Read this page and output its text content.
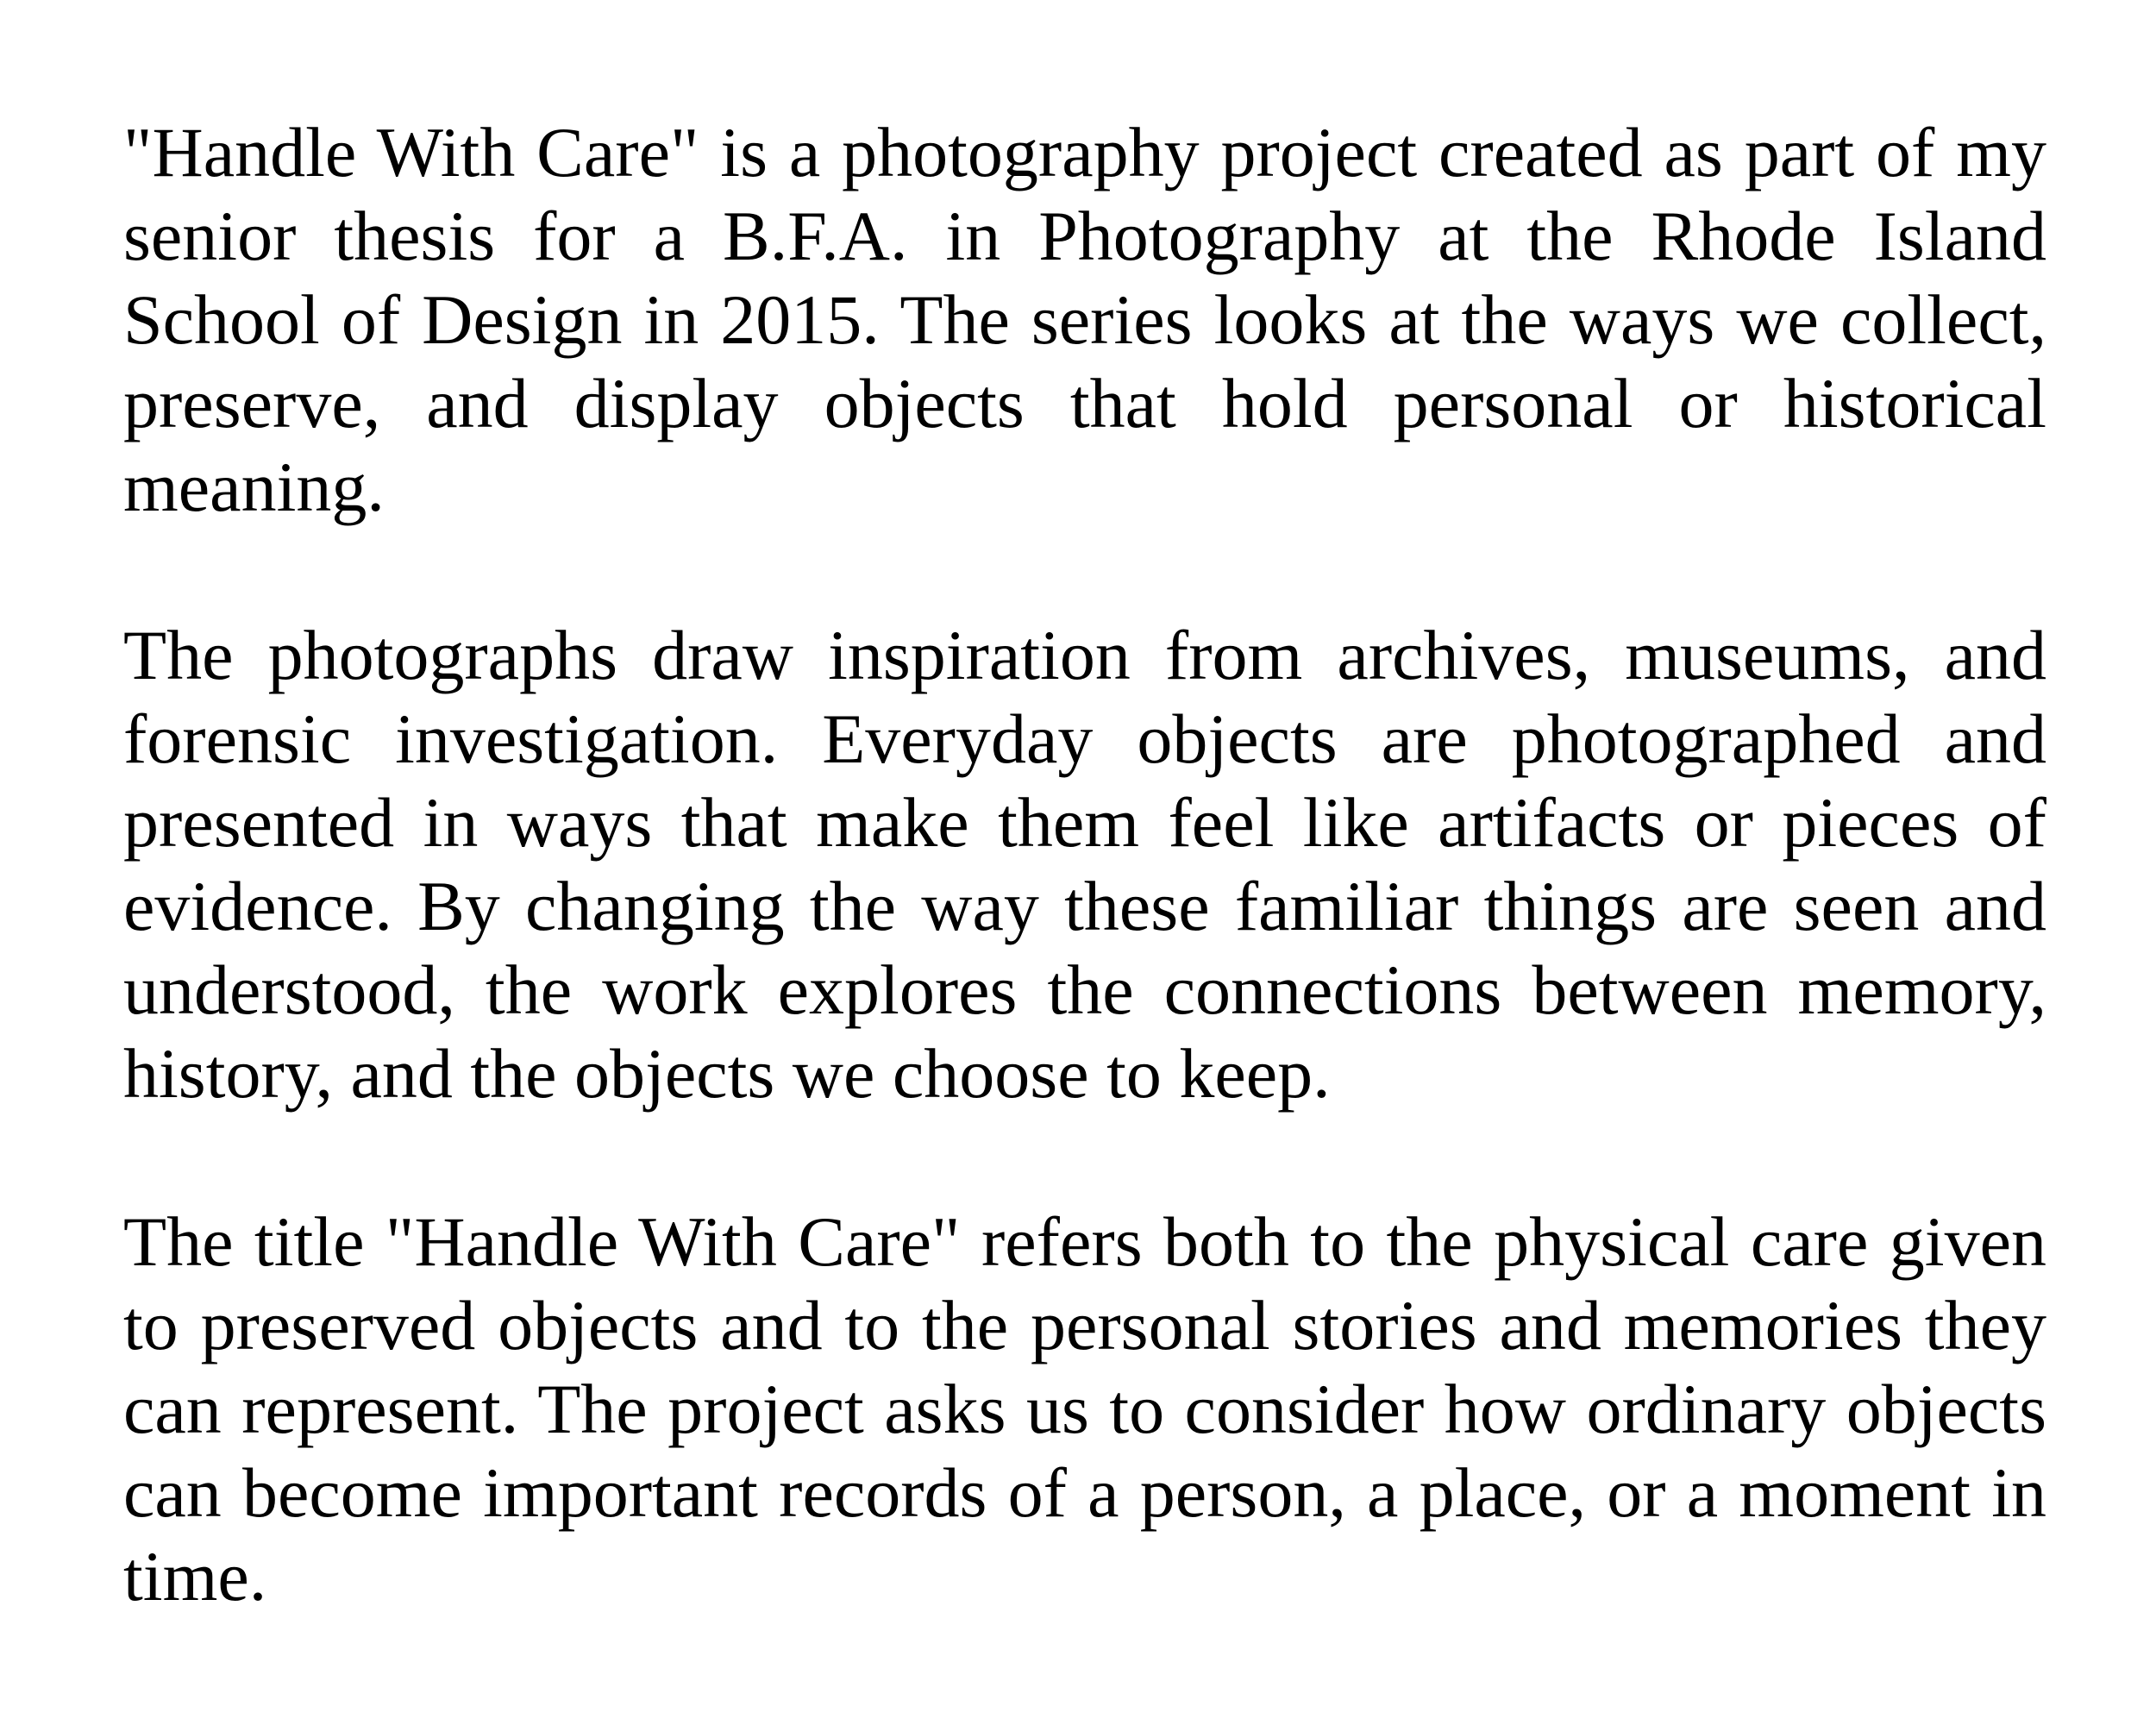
"Handle With Care" is a photography project created as part of my senior thesis for a B.F.A. in Photography at the Rhode Island School of Design in 2015. The series looks at the ways we collect, preserve, and display objects that hold personal or historical meaning.

The photographs draw inspiration from archives, museums, and forensic investigation. Everyday objects are photographed and presented in ways that make them feel like artifacts or pieces of evidence. By changing the way these familiar things are seen and understood, the work explores the connections between memory, history, and the objects we choose to keep.

The title "Handle With Care" refers both to the physical care given to preserved objects and to the personal stories and memories they can represent. The project asks us to consider how ordinary objects can become important records of a person, a place, or a moment in time.
